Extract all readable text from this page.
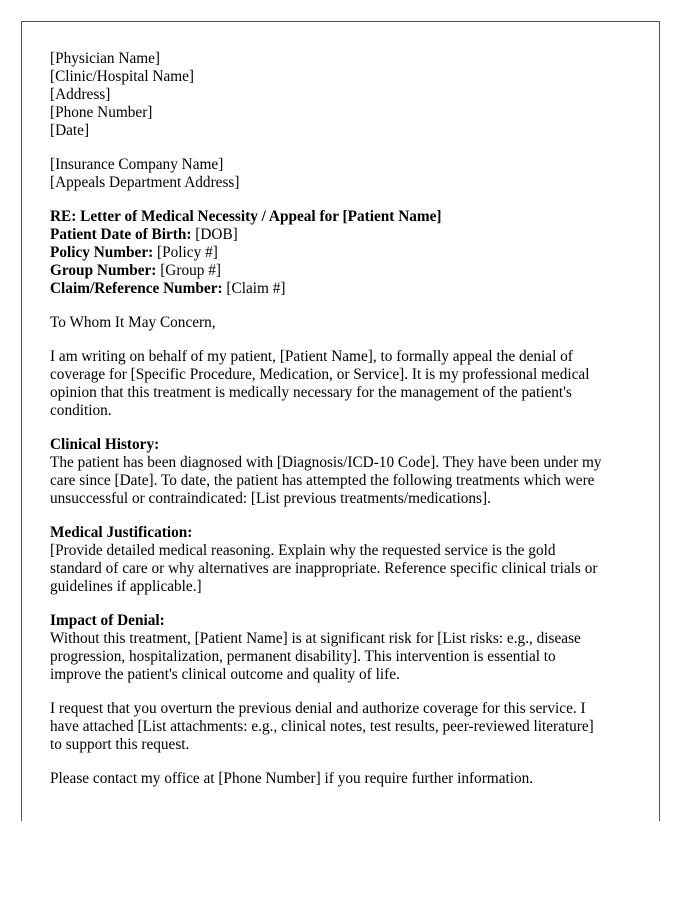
[Physician Name]
[Clinic/Hospital Name]
[Address]
[Phone Number]
[Date]
[Insurance Company Name]
[Appeals Department Address]
RE: Letter of Medical Necessity / Appeal for [Patient Name]
Patient Date of Birth: [DOB]
Policy Number: [Policy #]
Group Number: [Group #]
Claim/Reference Number: [Claim #]

To Whom It May Concern,

I am writing on behalf of my patient, [Patient Name], to formally appeal the denial of
coverage for [Specific Procedure, Medication, or Service]. It is my professional medical
opinion that this treatment is medically necessary for the management of the patient's
condition.

Clinical History:
The patient has been diagnosed with [Diagnosis/ICD-10 Code]. They have been under my
care since [Date]. To date, the patient has attempted the following treatments which were
unsuccessful or contraindicated: [List previous treatments/medications].

Medical Justification:
[Provide detailed medical reasoning. Explain why the requested service is the gold
standard of care or why alternatives are inappropriate. Reference specific clinical trials or
guidelines if applicable.]

Impact of Denial:
Without this treatment, [Patient Name] is at significant risk for [List risks: e.g., disease
progression, hospitalization, permanent disability]. This intervention is essential to
improve the patient's clinical outcome and quality of life.

I request that you overturn the previous denial and authorize coverage for this service. I
have attached [List attachments: e.g., clinical notes, test results, peer-reviewed literature]
to support this request.

Please contact my office at [Phone Number] if you require further information.
